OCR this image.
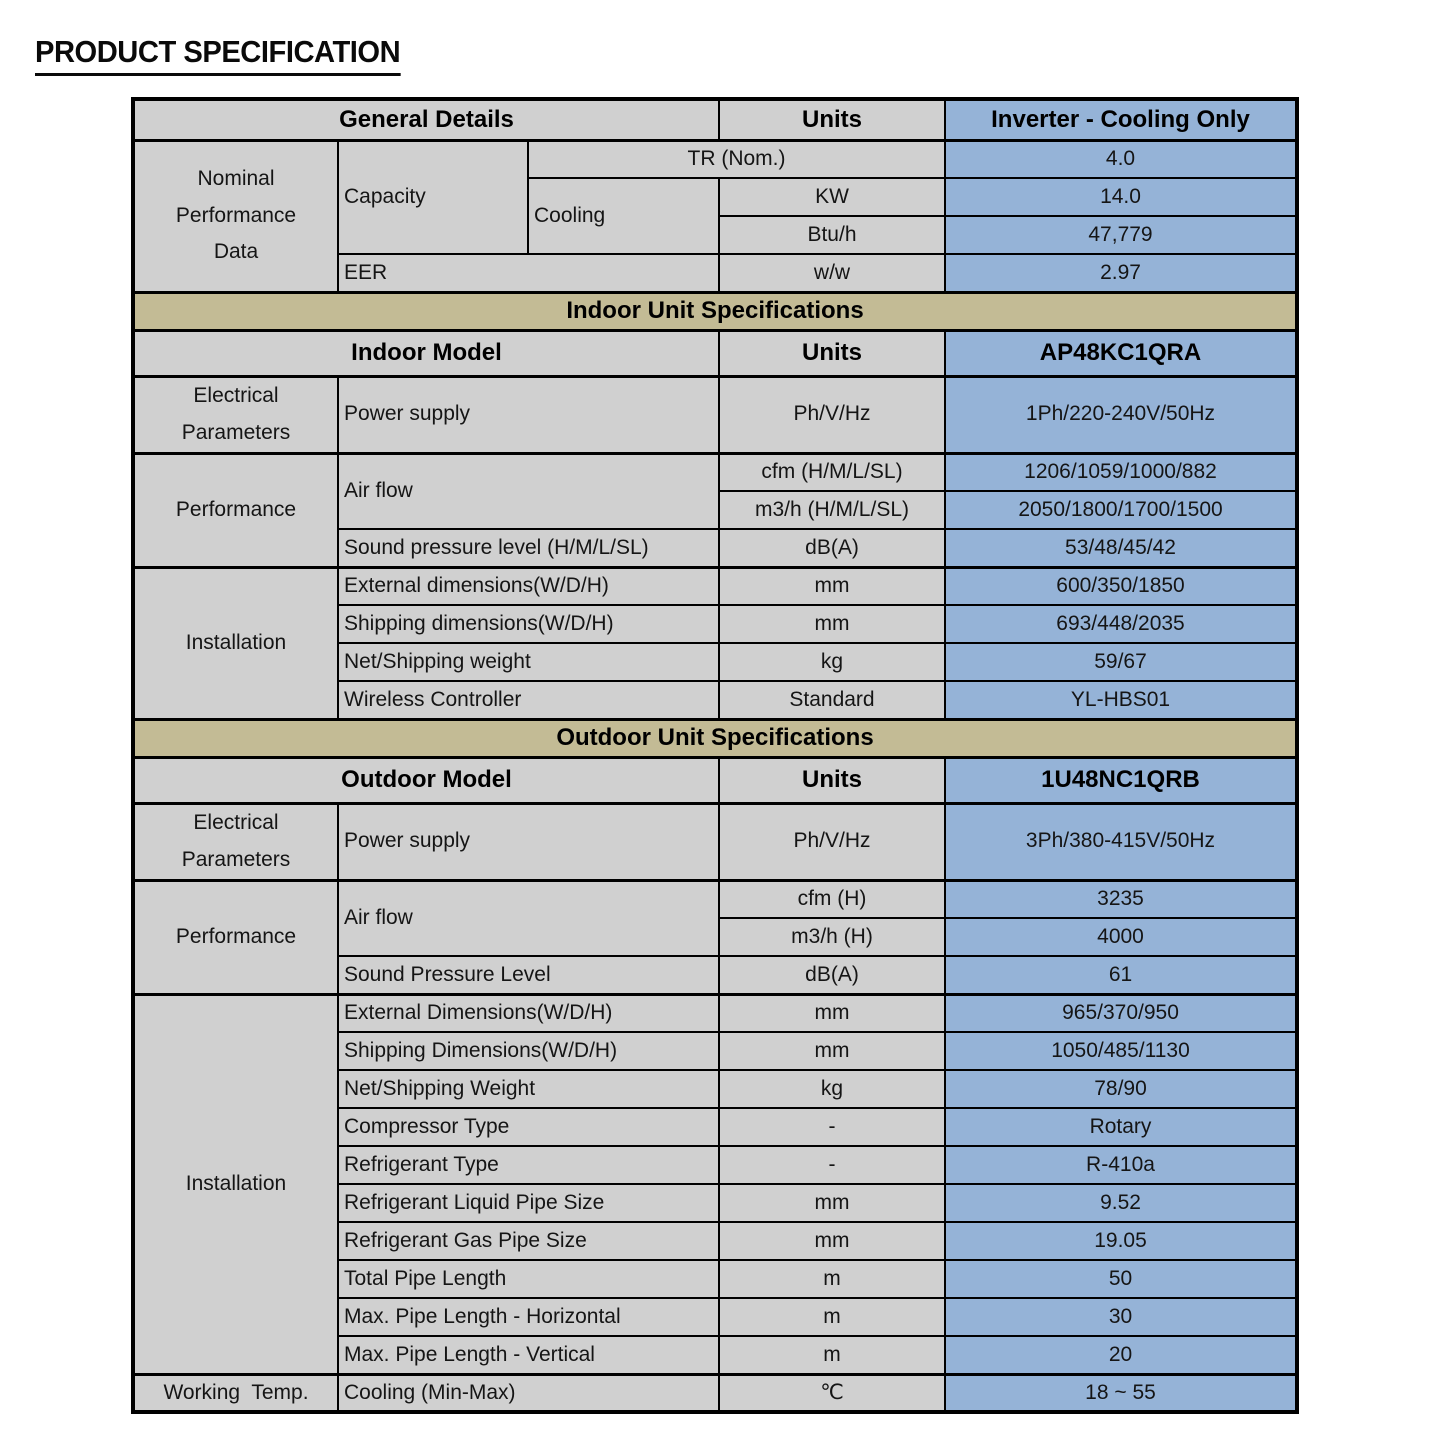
PRODUCT SPECIFICATION
General Details			Units	Inverter - Cooling Only
Nominal Performance Data	Capacity	TR (Nom.)		4.0
		Cooling	KW	14.0
			Btu/h	47,779
	EER		w/w	2.97
Indoor Unit Specifications				
Indoor Model			Units	AP48KC1QRA
Electrical Parameters	Power supply		Ph/V/Hz	1Ph/220-240V/50Hz
Performance	Air flow		cfm (H/M/L/SL)	1206/1059/1000/882
			m3/h (H/M/L/SL)	2050/1800/1700/1500
	Sound pressure level (H/M/L/SL)		dB(A)	53/48/45/42
Installation	External dimensions(W/D/H)		mm	600/350/1850
	Shipping dimensions(W/D/H)		mm	693/448/2035
	Net/Shipping weight		kg	59/67
	Wireless Controller		Standard	YL-HBS01
Outdoor Unit Specifications				
Outdoor Model			Units	1U48NC1QRB
Electrical Parameters	Power supply		Ph/V/Hz	3Ph/380-415V/50Hz
Performance	Air flow		cfm (H)	3235
			m3/h (H)	4000
	Sound Pressure Level		dB(A)	61
Installation	External Dimensions(W/D/H)		mm	965/370/950
	Shipping Dimensions(W/D/H)		mm	1050/485/1130
	Net/Shipping Weight		kg	78/90
	Compressor Type		-	Rotary
	Refrigerant Type		-	R-410a
	Refrigerant Liquid Pipe Size		mm	9.52
	Refrigerant Gas Pipe Size		mm	19.05
	Total Pipe Length		m	50
	Max. Pipe Length - Horizontal		m	30
	Max. Pipe Length - Vertical		m	20
Working  Temp.	Cooling (Min-Max)		℃	18 ~ 55
